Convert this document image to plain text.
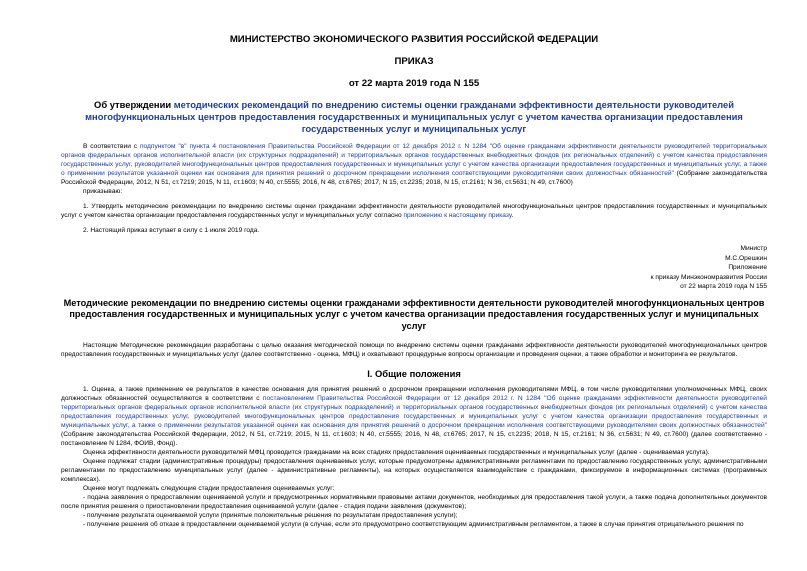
МИНИСТЕРСТВО ЭКОНОМИЧЕСКОГО РАЗВИТИЯ РОССИЙСКОЙ ФЕДЕРАЦИИ
ПРИКАЗ
от 22 марта 2019 года N 155
Об утверждении методических рекомендаций по внедрению системы оценки гражданами эффективности деятельности руководителей многофункциональных центров предоставления государственных и муниципальных услуг с учетом качества организации предоставления государственных услуг и муниципальных услуг

В соответствии с подпунктом "в" пункта 4 постановления Правительства Российской Федерации от 12 декабря 2012 г. N 1284 "Об оценке гражданами эффективности деятельности руководителей территориальных органов федеральных органов исполнительной власти (их структурных подразделений) и территориальных органов государственных внебюджетных фондов (их региональных отделений) с учетом качества предоставления государственных услуг, руководителей многофункциональных центров предоставления государственных и муниципальных услуг с учетом качества организации предоставления государственных и муниципальных услуг, а также о применении результатов указанной оценки как основания для принятия решений о досрочном прекращении исполнения соответствующими руководителями своих должностных обязанностей" (Собрание законодательства Российской Федерации, 2012, N 51, ст.7219; 2015, N 11, ст.1603; N 40, ст.5555; 2016, N 48, ст.6765; 2017, N 15, ст.2235; 2018, N 15, ст.2161; N 36, ст.5631; N 49, ст.7600)

приказываю:

1. Утвердить методические рекомендации по внедрению системы оценки гражданами эффективности деятельности руководителей многофункциональных центров предоставления государственных и муниципальных услуг с учетом качества организации предоставления государственных услуг и муниципальных услуг согласно приложению к настоящему приказу.

2. Настоящий приказ вступает в силу с 1 июля 2019 года.

Министр
М.С.Орешкин
Приложение
к приказу Минэкономразвития России
от 22 марта 2019 года N 155
Методические рекомендации по внедрению системы оценки гражданами эффективности деятельности руководителей многофункциональных центров предоставления государственных и муниципальных услуг с учетом качества организации предоставления государственных услуг и муниципальных услуг

Настоящие Методические рекомендации разработаны с целью оказания методической помощи по внедрению системы оценки гражданами эффективности деятельности руководителей многофункциональных центров предоставления государственных и муниципальных услуг (далее соответственно - оценка, МФЦ) и охватывают процедурные вопросы организации и проведения оценки, а также обработки и мониторинга ее результатов.

I. Общие положения

1. Оценка, а также применение ее результатов в качестве основания для принятия решений о досрочном прекращении исполнения руководителями МФЦ, в том числе руководителями уполномоченных МФЦ, своих должностных обязанностей осуществляются в соответствии с постановлением Правительства Российской Федерации от 12 декабря 2012 г. N 1284 "Об оценке гражданами эффективности деятельности руководителей территориальных органов федеральных органов исполнительной власти (их структурных подразделений) и территориальных органов государственных внебюджетных фондов (их региональных отделений) с учетом качества предоставления государственных услуг, руководителей многофункциональных центров предоставления государственных и муниципальных услуг с учетом качества организации предоставления государственных и муниципальных услуг, а также о применении результатов указанной оценки как основания для принятия решений о досрочном прекращении исполнения соответствующими руководителями своих должностных обязанностей" (Собрание законодательства Российской Федерации, 2012, N 51, ст.7219; 2015, N 11, ст.1603; N 40, ст.5555; 2016, N 48, ст.6765; 2017, N 15, ст.2235; 2018, N 15, ст.2161; N 36, ст.5631; N 49, ст.7600) (далее соответственно - постановление N 1284, ФОИВ, Фонд).

Оценка эффективности деятельности руководителей МФЦ проводится гражданами на всех стадиях предоставления оцениваемых государственных и муниципальных услуг (далее - оцениваемая услуга).

Оценке подлежат стадии (административные процедуры) предоставления оцениваемых услуг, которые предусмотрены административными регламентами по предоставлению государственных услуг, административными регламентами по предоставлению муниципальных услуг (далее - административные регламенты), на которых осуществляется взаимодействие с гражданами, фиксируемое в информационных системах (программных комплексах).

Оценке могут подлежать следующие стадии предоставления оцениваемых услуг:

- подача заявления о предоставлении оцениваемой услуги и предусмотренных нормативными правовыми актами документов, необходимых для предоставления такой услуги, а также подача дополнительных документов после принятия решения о приостановлении предоставления оцениваемой услуги (далее - стадия подачи заявления (документов);

- получение результата оцениваемой услуги (принятые положительные решения по результатам предоставления услуги);

- получение решения об отказе в предоставлении оцениваемой услуги (в случае, если это предусмотрено соответствующим административным регламентом, а также в случае принятия отрицательного решения по
